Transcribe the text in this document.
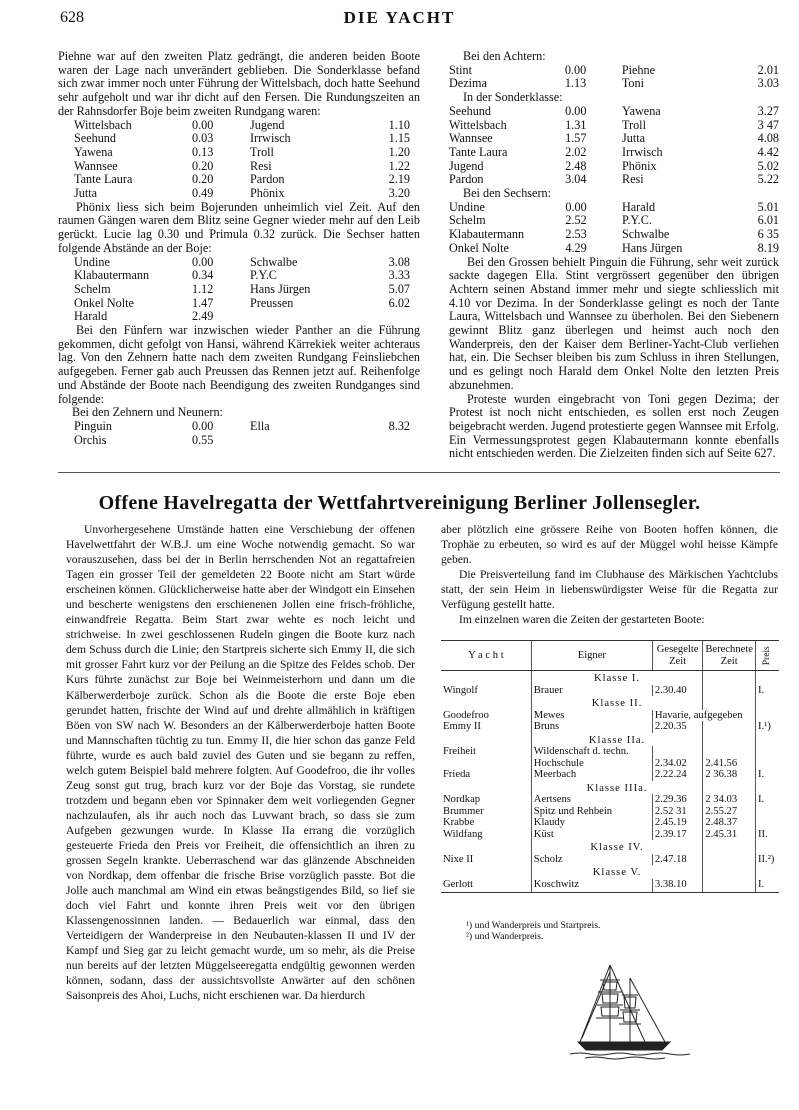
628	DIE YACHT

Piehne war auf den zweiten Platz gedrängt, die anderen beiden Boote waren der Lage nach unverändert geblieben. Die Sonderklasse befand sich zwar immer noch unter Führung der Wittelsbach, doch hatte Seehund sehr aufgeholt und war ihr dicht auf den Fersen. Die Rundungszeiten an der Rahnsdorfer Boje beim zweiten Rundgang waren:

Wittelsbach	0.00	Jugend	1.10
Seehund	0.03	Irrwisch	1.15
Yawena	0.13	Troll	1.20
Wannsee	0.20	Resi	1.22
Tante Laura	0.20	Pardon	2.19
Jutta	0.49	Phönix	3.20

Phönix liess sich beim Bojerunden unheimlich viel Zeit. Auf den raumen Gängen waren dem Blitz seine Gegner wieder mehr auf den Leib gerückt. Lucie lag 0.30 und Primula 0.32 zurück. Die Sechser hatten folgende Abstände an der Boje:

Undine	0.00	Schwalbe	3.08
Klabautermann	0.34	P.Y.C	3.33
Schelm	1.12	Hans Jürgen	5.07
Onkel Nolte	1.47	Preussen	6.02
Harald	2.49		

Bei den Fünfern war inzwischen wieder Panther an die Führung gekommen, dicht gefolgt von Hansi, während Kärrekiek weiter achteraus lag. Von den Zehnern hatte nach dem zweiten Rundgang Feinsliebchen aufgegeben. Ferner gab auch Preussen das Rennen jetzt auf. Reihenfolge und Abstände der Boote nach Beendigung des zweiten Rundganges sind folgende:

Bei den Zehnern und Neunern:
Pinguin	0.00	Ella	8.32
Orchis	0.55		
Bei den Achtern:
Stint	0.00	Piehne	2.01
Dezima	1.13	Toni	3.03
In der Sonderklasse:
Seehund	0.00	Yawena	3.27
Wittelsbach	1.31	Troll	3 47
Wannsee	1.57	Jutta	4.08
Tante Laura	2.02	Irrwisch	4.42
Jugend	2.48	Phönix	5.02
Pardon	3.04	Resi	5.22
Bei den Sechsern:
Undine	0.00	Harald	5.01
Schelm	2.52	P.Y.C.	6.01
Klabautermann	2.53	Schwalbe	6 35
Onkel Nolte	4.29	Hans Jürgen	8.19

Bei den Grossen behielt Pinguin die Führung, sehr weit zurück sackte dagegen Ella. Stint vergrössert gegenüber den übrigen Achtern seinen Abstand immer mehr und siegte schliesslich mit 4.10 vor Dezima. In der Sonderklasse gelingt es noch der Tante Laura, Wittelsbach und Wannsee zu überholen. Bei den Siebenern gewinnt Blitz ganz überlegen und heimst auch noch den Wanderpreis, den der Kaiser dem Berliner-Yacht-Club verliehen hat, ein. Die Sechser bleiben bis zum Schluss in ihren Stellungen, und es gelingt noch Harald dem Onkel Nolte den letzten Preis abzunehmen.

Proteste wurden eingebracht von Toni gegen Dezima; der Protest ist noch nicht entschieden, es sollen erst noch Zeugen beigebracht werden. Jugend protestierte gegen Wannsee mit Erfolg. Ein Vermessungsprotest gegen Klabautermann konnte ebenfalls nicht entschieden werden. Die Zielzeiten finden sich auf Seite 627.

Offene Havelregatta der Wettfahrtvereinigung Berliner Jollensegler.

Unvorhergesehene Umstände hatten eine Verschiebung der offenen Havelwettfahrt der W.B.J. um eine Woche notwendig gemacht. So war vorauszusehen, dass bei der in Berlin herrschenden Not an regattafreien Tagen ein grosser Teil der gemeldeten 22 Boote nicht am Start würde erscheinen können. Glücklicherweise hatte aber der Windgott ein Einsehen und bescherte wenigstens den erschienenen Jollen eine frisch-fröhliche, einwandfreie Regatta. Beim Start zwar wehte es noch leicht und strichweise. In zwei geschlossenen Rudeln gingen die Boote kurz nach dem Schuss durch die Linie; den Startpreis sicherte sich Emmy II, die sich mit grosser Fahrt kurz vor der Peilung an die Spitze des Feldes schob. Der Kurs führte zunächst zur Boje bei Weinmeisterhorn und dann um die Kälberwerderboje zurück. Schon als die Boote die erste Boje eben gerundet hatten, frischte der Wind auf und drehte allmählich in kräftigen Böen von SW nach W. Besonders an der Kälberwerderboje hatten Boote und Mannschaften tüchtig zu tun. Emmy II, die hier schon das ganze Feld führte, wurde es auch bald zuviel des Guten und sie begann zu reffen, welch gutem Beispiel bald mehrere folgten. Auf Goodefroo, die ihr volles Zeug sonst gut trug, brach kurz vor der Boje das Vorstag, sie rundete trotzdem und begann eben vor Spinnaker dem weit vorliegenden Gegner nachzulaufen, als ihr auch noch das Luvwant brach, so dass sie zum Aufgeben gezwungen wurde. In Klasse IIa errang die vorzüglich gesteuerte Frieda den Preis vor Freiheit, die offensichtlich an ihren zu grossen Segeln krankte. Ueberraschend war das glänzende Abschneiden von Nordkap, dem offenbar die frische Brise vorzüglich passte. Bot die Jolle auch manchmal am Wind ein etwas beängstigendes Bild, so lief sie doch viel Fahrt und konnte ihren Preis weit vor den übrigen Klassengenossinnen landen. — Bedauerlich war einmal, dass den Verteidigern der Wanderpreise in den Neubauten-klassen II und IV der Kampf und Sieg gar zu leicht gemacht wurde, um so mehr, als die Preise nun bereits auf der letzten Müggelseeregatta endgültig gewonnen werden können, sodann, dass der aussichtsvollste Anwärter auf den schönen Saisonpreis des Ahoi, Luchs, nicht erschienen war. Da hierdurch

aber plötzlich eine grössere Reihe von Booten hoffen können, die Trophäe zu erbeuten, so wird es auf der Müggel wohl heisse Kämpfe geben.

Die Preisverteilung fand im Clubhause des Märkischen Yachtclubs statt, der sein Heim in liebenswürdigster Weise für die Regatta zur Verfügung gestellt hatte.

Im einzelnen waren die Zeiten der gestarteten Boote:

Y a c h t	Eigner	Gesegelte Zeit	Berechnete Zeit	Preis
	Klasse I.			
Wingolf	Brauer	2.30.40		I.
	Klasse II.			
Goodefroo	Mewes	Havarie, aufgegeben		
Emmy II	Bruns	2.20.35		I.¹)
	Klasse IIa.			
Freiheit	Wildenschaft d. techn. Hochschule	2.34.02	2.41.56	
Frieda	Meerbach	2.22.24	2 36.38	I.
	Klasse IIIa.			
Nordkap	Aertsens	2.29.36	2 34.03	I.
Brummer	Spitz und Rehbein	2.52 31	2.55.27	
Krabbe	Klaudy	2.45.19	2.48.37	
Wildfang	Küst	2.39.17	2.45.31	II.
	Klasse IV.			
Nixe II	Scholz	2.47.18		II.²)
	Klasse V.			
Gerlott	Koschwitz	3.38.10		I.

¹) und Wanderpreis und Startpreis.

²) und Wanderpreis.
